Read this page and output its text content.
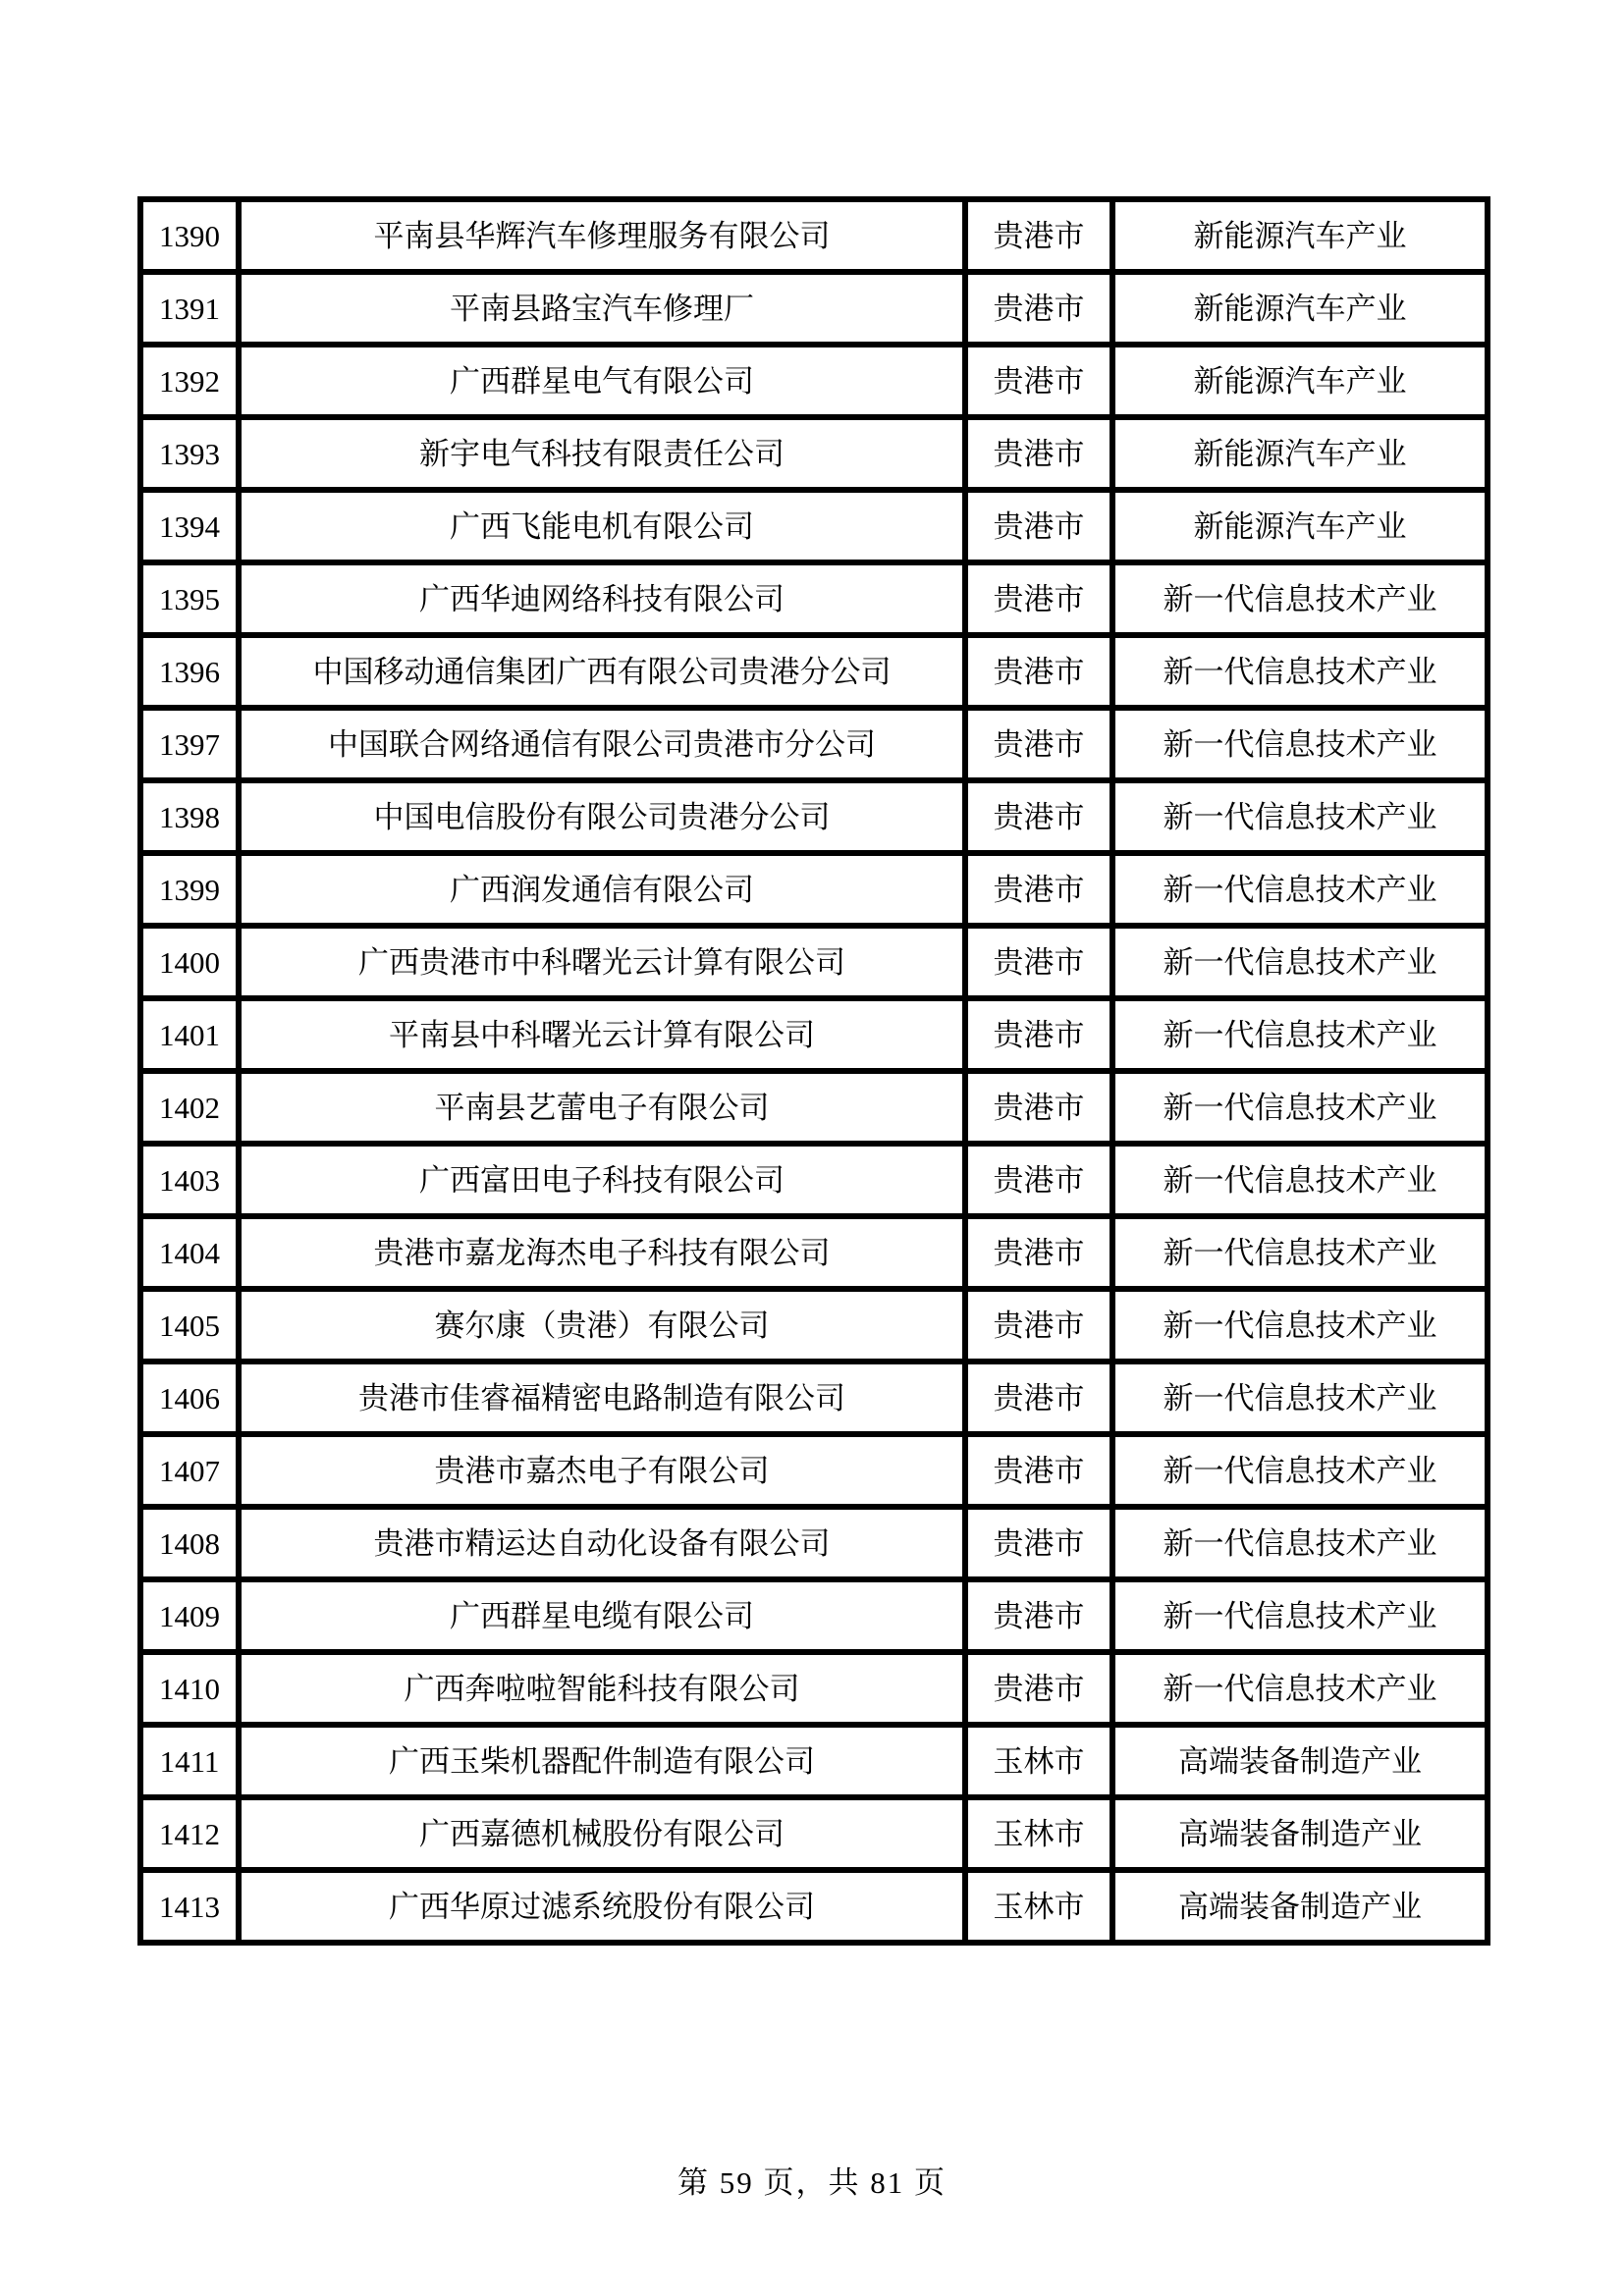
1390	平南县华辉汽车修理服务有限公司	贵港市	新能源汽车产业
1391	平南县路宝汽车修理厂	贵港市	新能源汽车产业
1392	广西群星电气有限公司	贵港市	新能源汽车产业
1393	新宇电气科技有限责任公司	贵港市	新能源汽车产业
1394	广西飞能电机有限公司	贵港市	新能源汽车产业
1395	广西华迪网络科技有限公司	贵港市	新一代信息技术产业
1396	中国移动通信集团广西有限公司贵港分公司	贵港市	新一代信息技术产业
1397	中国联合网络通信有限公司贵港市分公司	贵港市	新一代信息技术产业
1398	中国电信股份有限公司贵港分公司	贵港市	新一代信息技术产业
1399	广西润发通信有限公司	贵港市	新一代信息技术产业
1400	广西贵港市中科曙光云计算有限公司	贵港市	新一代信息技术产业
1401	平南县中科曙光云计算有限公司	贵港市	新一代信息技术产业
1402	平南县艺蕾电子有限公司	贵港市	新一代信息技术产业
1403	广西富田电子科技有限公司	贵港市	新一代信息技术产业
1404	贵港市嘉龙海杰电子科技有限公司	贵港市	新一代信息技术产业
1405	赛尔康（贵港）有限公司	贵港市	新一代信息技术产业
1406	贵港市佳睿福精密电路制造有限公司	贵港市	新一代信息技术产业
1407	贵港市嘉杰电子有限公司	贵港市	新一代信息技术产业
1408	贵港市精运达自动化设备有限公司	贵港市	新一代信息技术产业
1409	广西群星电缆有限公司	贵港市	新一代信息技术产业
1410	广西奔啦啦智能科技有限公司	贵港市	新一代信息技术产业
1411	广西玉柴机器配件制造有限公司	玉林市	高端装备制造产业
1412	广西嘉德机械股份有限公司	玉林市	高端装备制造产业
1413	广西华原过滤系统股份有限公司	玉林市	高端装备制造产业
第 59 页，共 81 页
